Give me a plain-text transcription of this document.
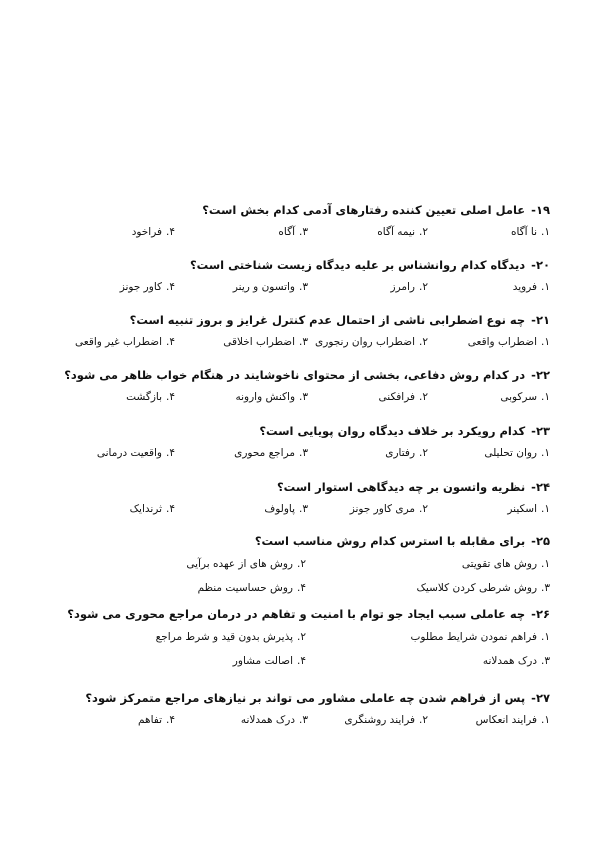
۱۹-
عامل اصلی تعیین کننده رفتارهای آدمی کدام بخش است؟
۱.نا آگاه
۲.نیمه آگاه
۳.آگاه
۴.فراخود
۲۰-
دیدگاه کدام روانشناس بر علیه دیدگاه زیست شناختی است؟
۱.فروید
۲.رامرز
۳.واتسون و رینر
۴.کاور جونز
۲۱-
چه نوع اضطرابی ناشی از احتمال عدم کنترل غرایز و بروز تنبیه است؟
۱.اضطراب واقعی
۲.اضطراب روان رنجوری
۳.اضطراب اخلاقی
۴.اضطراب غیر واقعی
۲۲-
در کدام روش دفاعی، بخشی از محتوای ناخوشایند در هنگام خواب ظاهر می شود؟
۱.سرکوبی
۲.فرافکنی
۳.واکنش وارونه
۴.بازگشت
۲۳-
کدام رویکرد بر خلاف دیدگاه روان پویایی است؟
۱.روان تحلیلی
۲.رفتاری
۳.مراجع محوری
۴.واقعیت درمانی
۲۴-
نظریه واتسون بر چه دیدگاهی استوار است؟
۱.اسکینر
۲.مری کاور جونز
۳.پاولوف
۴.ثرندایک
۲۵-
برای مقابله با استرس کدام روش مناسب است؟
۱.روش های تقویتی
۲.روش های از عهده برآیی
۳.روش شرطی کردن کلاسیک
۴.روش حساسیت منظم
۲۶-
چه عاملی سبب ایجاد جو توام با امنیت و تفاهم در درمان مراجع محوری می شود؟
۱.فراهم نمودن شرایط مطلوب
۲.پذیرش بدون قید و شرط مراجع
۳.درک همدلانه
۴.اصالت مشاور
۲۷-
پس از فراهم شدن چه عاملی مشاور می تواند بر نیازهای مراجع متمرکز شود؟
۱.فرایند انعکاس
۲.فرایند روشنگری
۳.درک همدلانه
۴.تفاهم
